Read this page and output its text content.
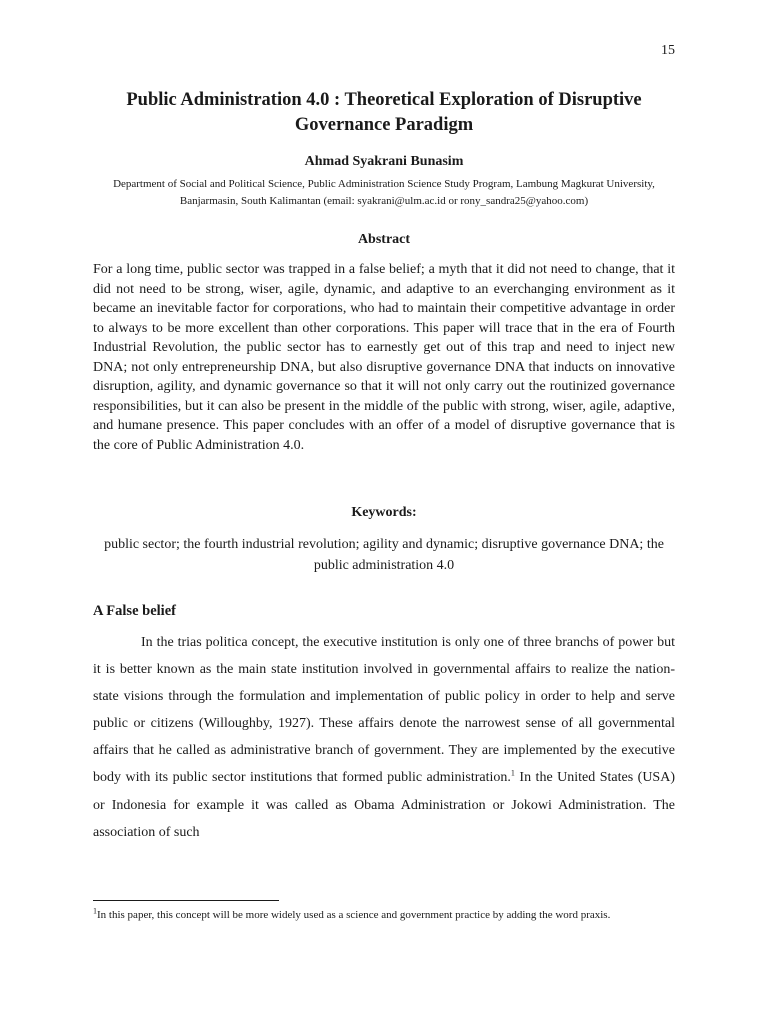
15
Public Administration 4.0 : Theoretical Exploration of Disruptive Governance Paradigm

Ahmad Syakrani Bunasim

Department of Social and Political Science, Public Administration Science Study Program, Lambung Magkurat University, Banjarmasin, South Kalimantan (email: syakrani@ulm.ac.id or rony_sandra25@yahoo.com)

Abstract

For a long time, public sector was trapped in a false belief; a myth that it did not need to change, that it did not need to be strong, wiser, agile, dynamic, and adaptive to an everchanging environment as it became an inevitable factor for corporations, who had to maintain their competitive advantage in order to always to be more excellent than other corporations. This paper will trace that in the era of Fourth Industrial Revolution, the public sector has to earnestly get out of this trap and need to inject new DNA; not only entrepreneurship DNA, but also disruptive governance DNA that inducts on innovative disruption, agility, and dynamic governance so that it will not only carry out the routinized governance responsibilities, but it can also be present in the middle of the public with strong, wiser, agile, adaptive, and humane presence. This paper concludes with an offer of a model of disruptive governance that is the core of Public Administration 4.0.

Keywords:

public sector; the fourth industrial revolution; agility and dynamic; disruptive governance DNA; the public administration 4.0

A False belief

In the trias politica concept, the executive institution is only one of three branchs of power but it is better known as the main state institution involved in governmental affairs to realize the nation-state visions through the formulation and implementation of public policy in order to help and serve public or citizens (Willoughby, 1927). These affairs denote the narrowest sense of all governmental affairs that he called as administrative branch of government. They are implemented by the executive body with its public sector institutions that formed public administration.$^1$ In the United States (USA) or Indonesia for example it was called as Obama Administration or Jokowi Administration. The association of such

$^1$In this paper, this concept will be more widely used as a science and government practice by adding the word praxis.
